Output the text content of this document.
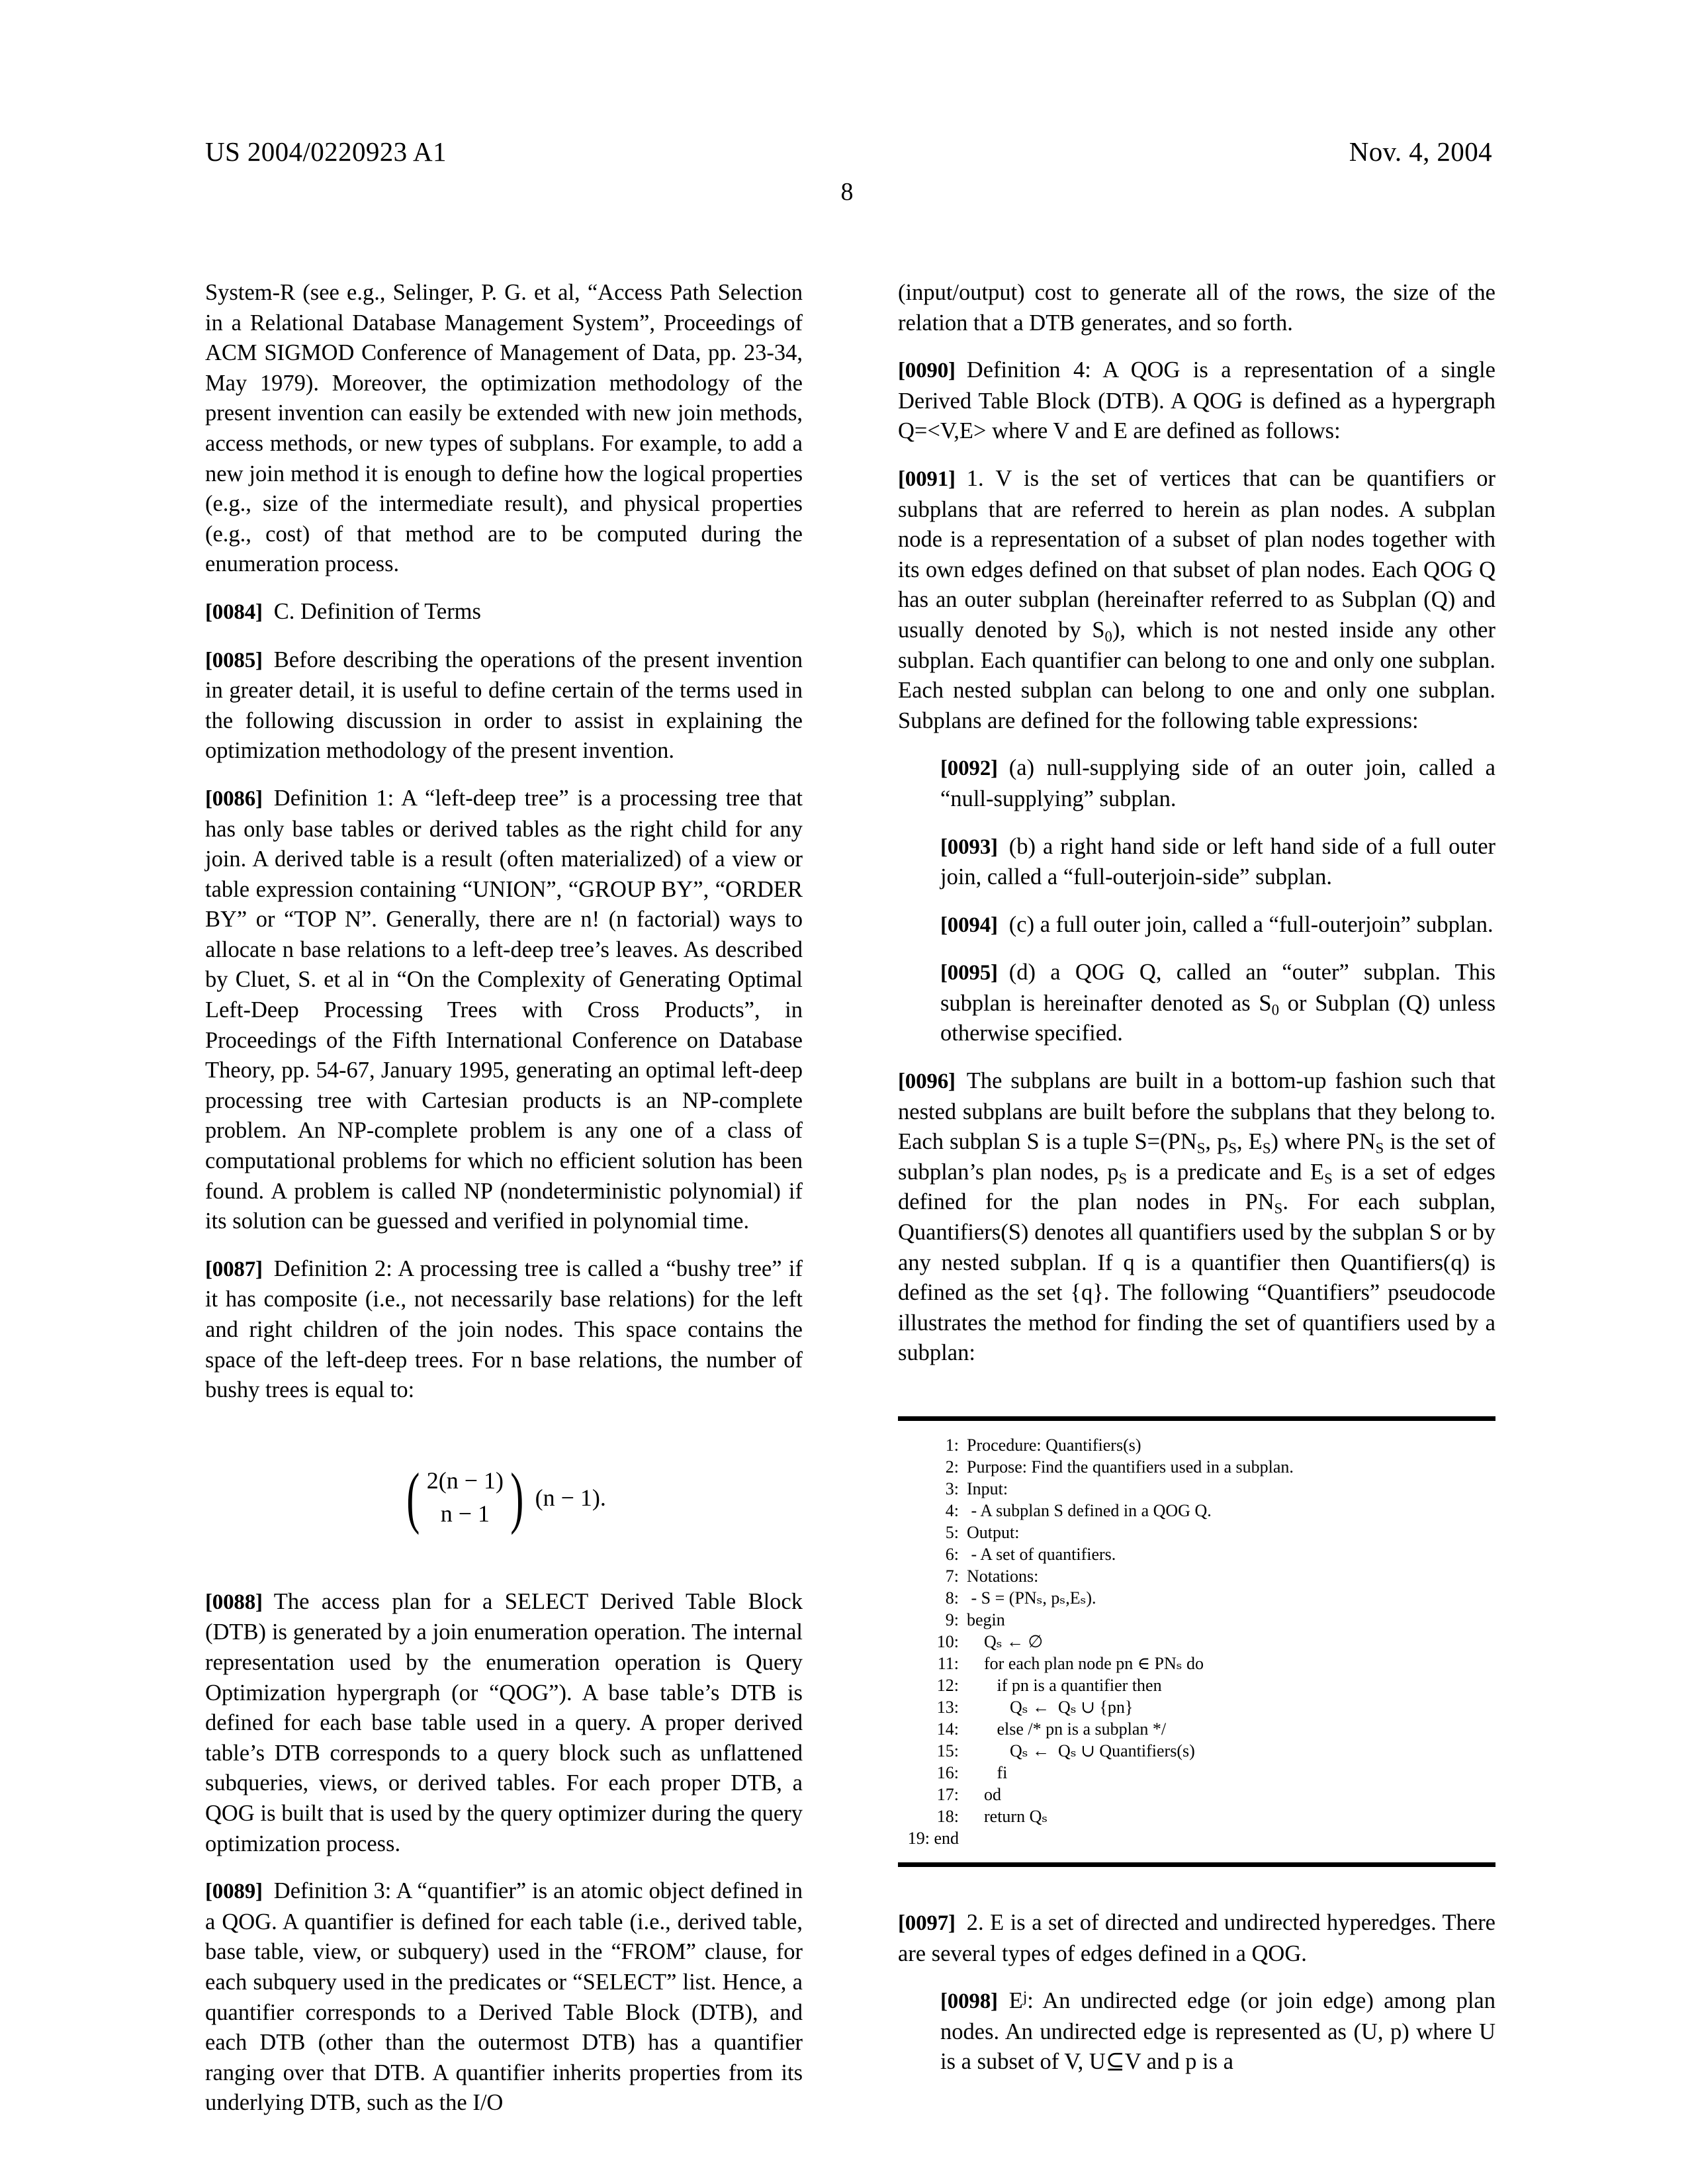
US 2004/0220923 A1	Nov. 4, 2004
8

System-R (see e.g., Selinger, P. G. et al, “Access Path Selection in a Relational Database Management System”, Proceedings of ACM SIGMOD Conference of Management of Data, pp. 23-34, May 1979). Moreover, the optimization methodology of the present invention can easily be extended with new join methods, access methods, or new types of subplans. For example, to add a new join method it is enough to define how the logical properties (e.g., size of the intermediate result), and physical properties (e.g., cost) of that method are to be computed during the enumeration process.

[0084] C. Definition of Terms

[0085] Before describing the operations of the present invention in greater detail, it is useful to define certain of the terms used in the following discussion in order to assist in explaining the optimization methodology of the present invention.

[0086] Definition 1: A “left-deep tree” is a processing tree that has only base tables or derived tables as the right child for any join. A derived table is a result (often materialized) of a view or table expression containing “UNION”, “GROUP BY”, “ORDER BY” or “TOP N”. Generally, there are n! (n factorial) ways to allocate n base relations to a left-deep tree’s leaves. As described by Cluet, S. et al in “On the Complexity of Generating Optimal Left-Deep Processing Trees with Cross Products”, in Proceedings of the Fifth International Conference on Database Theory, pp. 54-67, January 1995, generating an optimal left-deep processing tree with Cartesian products is an NP-complete problem. An NP-complete problem is any one of a class of computational problems for which no efficient solution has been found. A problem is called NP (nondeterministic polynomial) if its solution can be guessed and verified in polynomial time.

[0087] Definition 2: A processing tree is called a “bushy tree” if it has composite (i.e., not necessarily base relations) for the left and right children of the join nodes. This space contains the space of the left-deep trees. For n base relations, the number of bushy trees is equal to:

( 2(n − 1)
n − 1 ) (n − 1).

[0088] The access plan for a SELECT Derived Table Block (DTB) is generated by a join enumeration operation. The internal representation used by the enumeration operation is Query Optimization hypergraph (or “QOG”). A base table’s DTB is defined for each base table used in a query. A proper derived table’s DTB corresponds to a query block such as unflattened subqueries, views, or derived tables. For each proper DTB, a QOG is built that is used by the query optimizer during the query optimization process.

[0089] Definition 3: A “quantifier” is an atomic object defined in a QOG. A quantifier is defined for each table (i.e., derived table, base table, view, or subquery) used in the “FROM” clause, for each subquery used in the predicates or “SELECT” list. Hence, a quantifier corresponds to a Derived Table Block (DTB), and each DTB (other than the outermost DTB) has a quantifier ranging over that DTB. A quantifier inherits properties from its underlying DTB, such as the I/O

(input/output) cost to generate all of the rows, the size of the relation that a DTB generates, and so forth.

[0090] Definition 4: A QOG is a representation of a single Derived Table Block (DTB). A QOG is defined as a hypergraph Q=<V,E> where V and E are defined as follows:

[0091] 1. V is the set of vertices that can be quantifiers or subplans that are referred to herein as plan nodes. A subplan node is a representation of a subset of plan nodes together with its own edges defined on that subset of plan nodes. Each QOG Q has an outer subplan (hereinafter referred to as Subplan (Q) and usually denoted by $S_0$), which is not nested inside any other subplan. Each quantifier can belong to one and only one subplan. Each nested subplan can belong to one and only one subplan. Subplans are defined for the following table expressions:

[0092] (a) null-supplying side of an outer join, called a “null-supplying” subplan.

[0093] (b) a right hand side or left hand side of a full outer join, called a “full-outerjoin-side” subplan.

[0094] (c) a full outer join, called a “full-outerjoin” subplan.

[0095] (d) a QOG Q, called an “outer” subplan. This subplan is hereinafter denoted as $S_0$ or Subplan (Q) unless otherwise specified.

[0096] The subplans are built in a bottom-up fashion such that nested subplans are built before the subplans that they belong to. Each subplan S is a tuple $S=(PN_S$, $p_S$, $E_S$) where $PN_S$ is the set of subplan’s plan nodes, $p_S$ is a predicate and $E_S$ is a set of edges defined for the plan nodes in $PN_S$. For each subplan, Quantifiers(S) denotes all quantifiers used by the subplan S or by any nested subplan. If q is a quantifier then Quantifiers(q) is defined as the set {q}. The following “Quantifiers” pseudocode illustrates the method for finding the set of quantifiers used by a subplan:

1: Procedure: Quantifiers(s)
2: Purpose: Find the quantifiers used in a subplan.
3: Input:
4: - A subplan S defined in a QOG Q.
5: Output:
6: - A set of quantifiers.
7: Notations:
8: - S = (PNₛ, pₛ,Eₛ).
9: begin
10: Qₛ ← ∅
11: for each plan node pn ∈ PNₛ do
12: if pn is a quantifier then
13: Qₛ ←  Qₛ ∪ {pn}
14: else /* pn is a subplan */
15: Qₛ ←  Qₛ ∪ Quantifiers(s)
16: fi
17: od
18: return Qₛ
19: end

[0097] 2. E is a set of directed and undirected hyperedges. There are several types of edges defined in a QOG.

[0098] $E^j$: An undirected edge (or join edge) among plan nodes. An undirected edge is represented as (U, p) where U is a subset of V, U⊆V and p is a
